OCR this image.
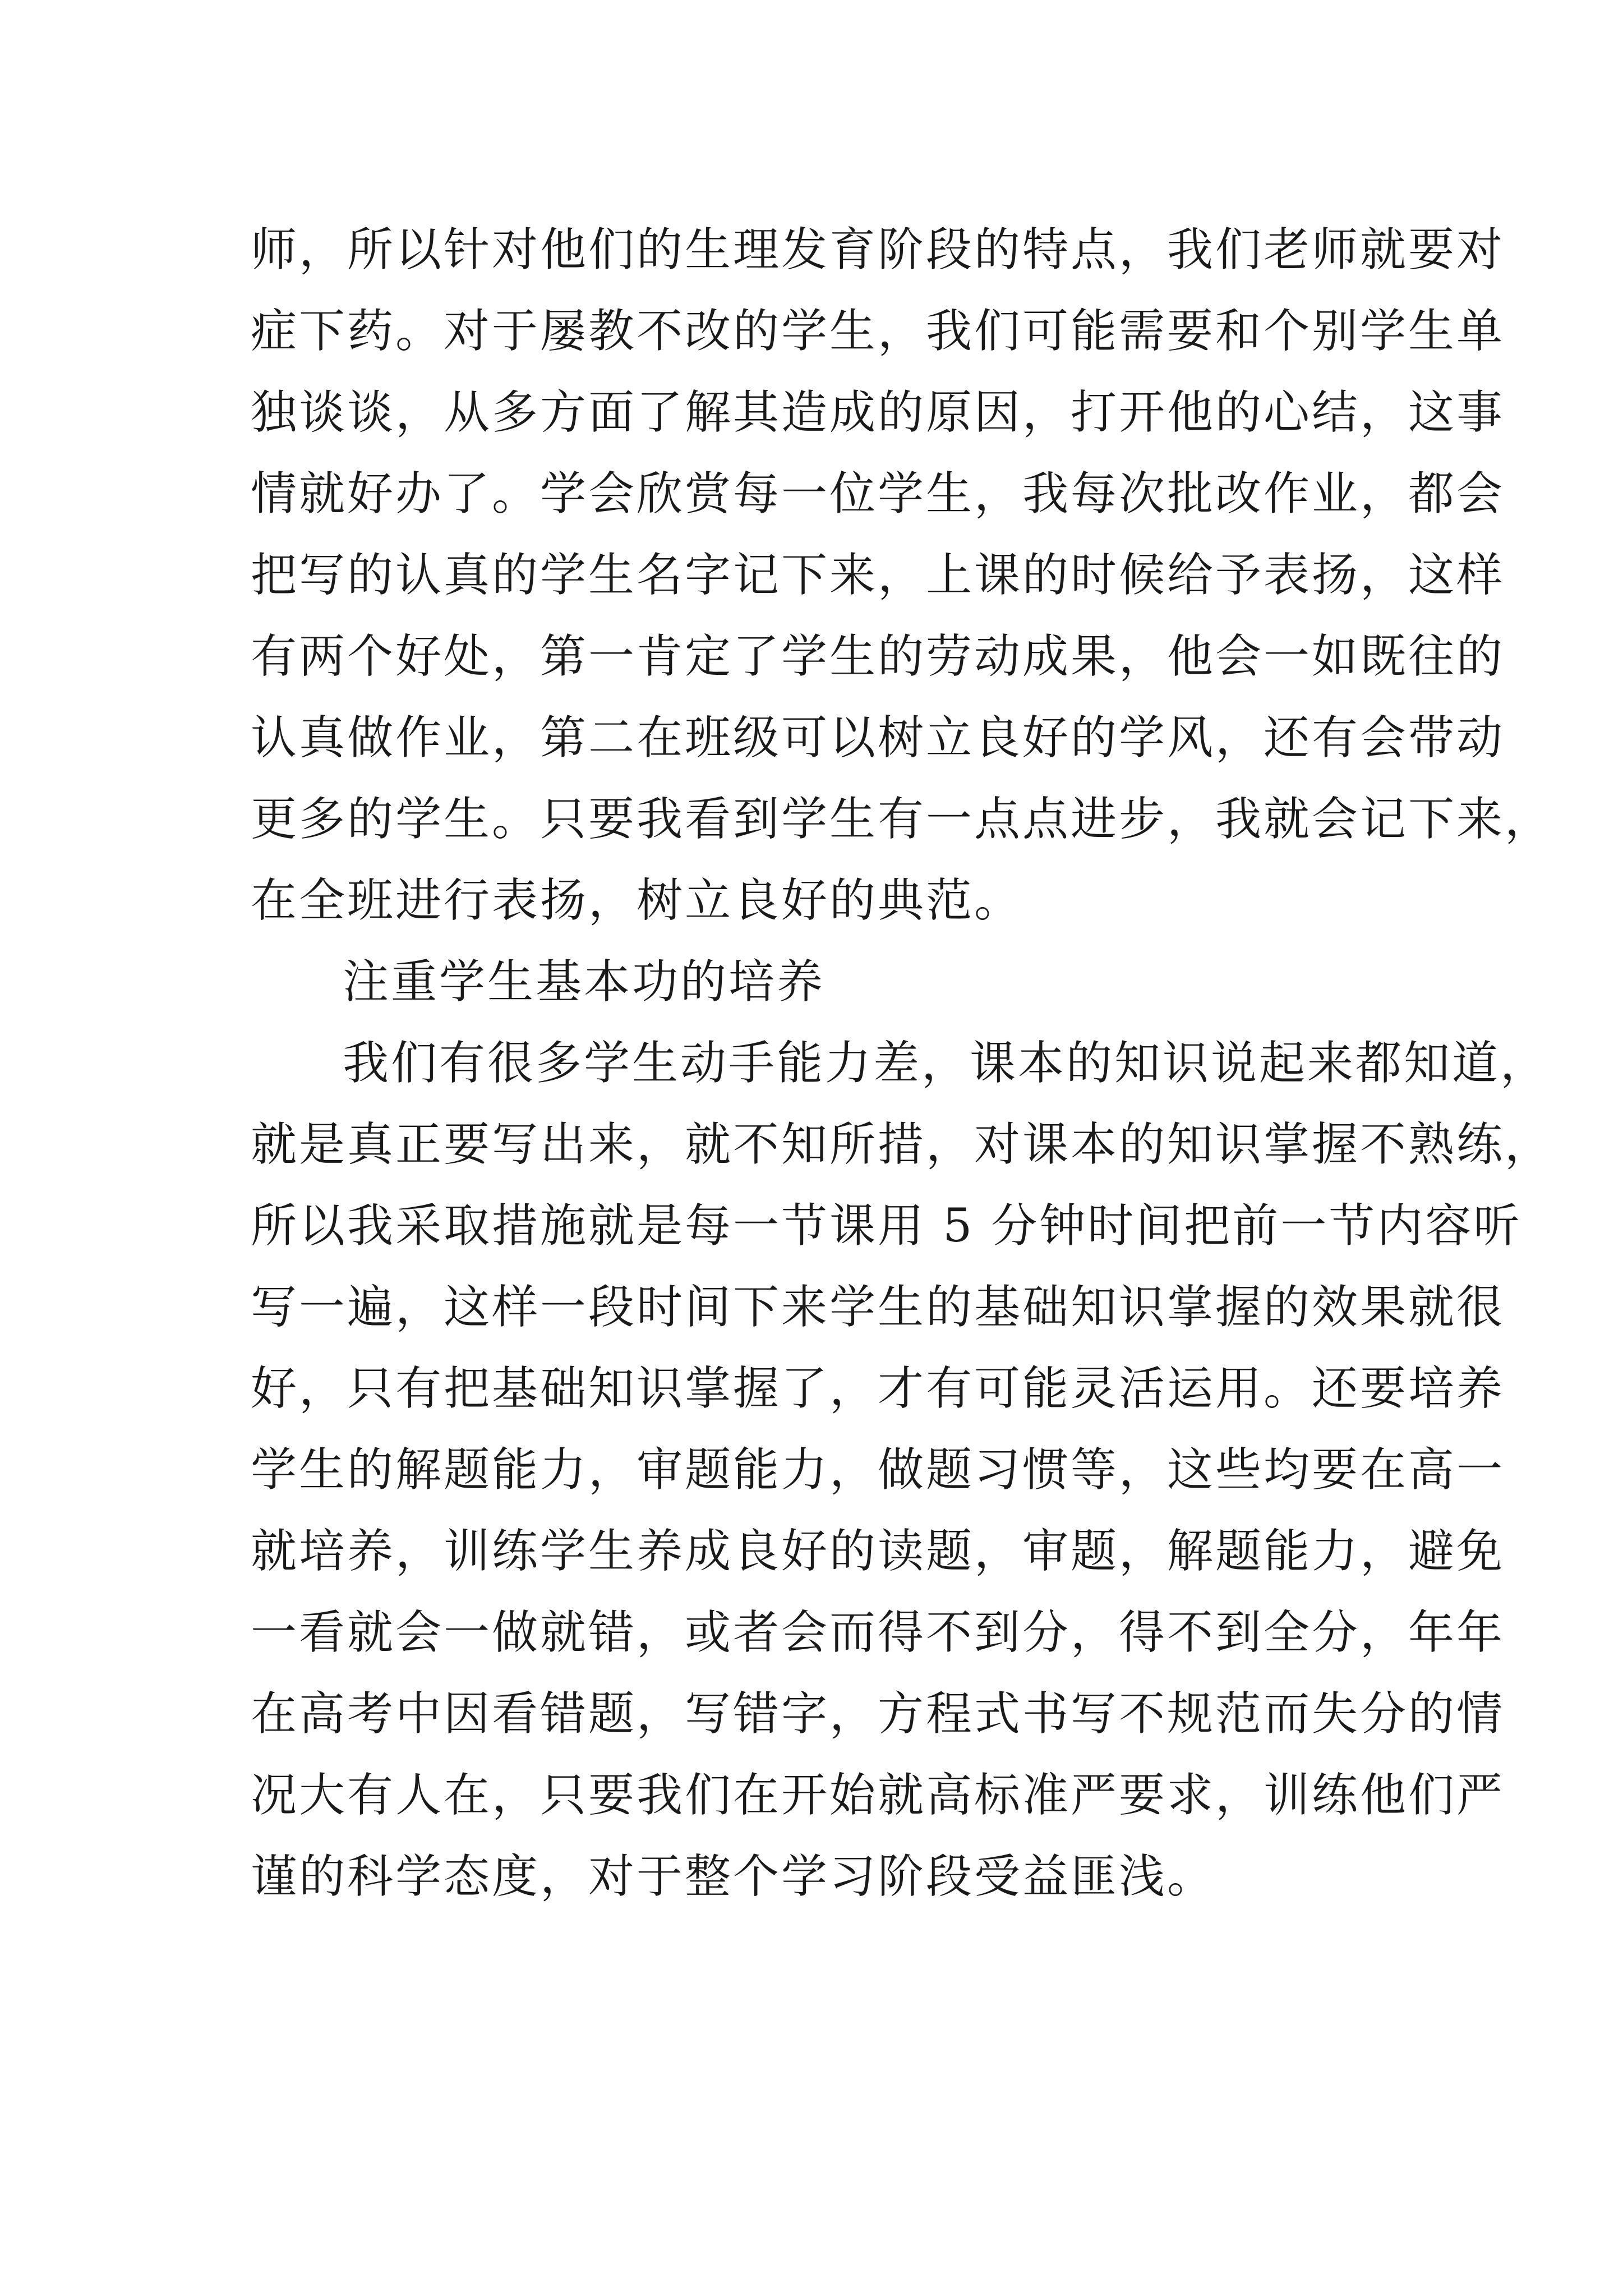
师，所以针对他们的生理发育阶段的特点，我们老师就要对
症下药。对于屡教不改的学生，我们可能需要和个别学生单
独谈谈，从多方面了解其造成的原因，打开他的心结，这事
情就好办了。学会欣赏每一位学生，我每次批改作业，都会
把写的认真的学生名字记下来，上课的时候给予表扬，这样
有两个好处，第一肯定了学生的劳动成果，他会一如既往的
认真做作业，第二在班级可以树立良好的学风，还有会带动
更多的学生。只要我看到学生有一点点进步，我就会记下来，
在全班进行表扬，树立良好的典范。
注重学生基本功的培养
我们有很多学生动手能力差，课本的知识说起来都知道，
就是真正要写出来，就不知所措，对课本的知识掌握不熟练，
所以我采取措施就是每一节课用 5 分钟时间把前一节内容听
写一遍，这样一段时间下来学生的基础知识掌握的效果就很
好，只有把基础知识掌握了，才有可能灵活运用。还要培养
学生的解题能力，审题能力，做题习惯等，这些均要在高一
就培养，训练学生养成良好的读题，审题，解题能力，避免
一看就会一做就错，或者会而得不到分，得不到全分，年年
在高考中因看错题，写错字，方程式书写不规范而失分的情
况大有人在，只要我们在开始就高标准严要求，训练他们严
谨的科学态度，对于整个学习阶段受益匪浅。
